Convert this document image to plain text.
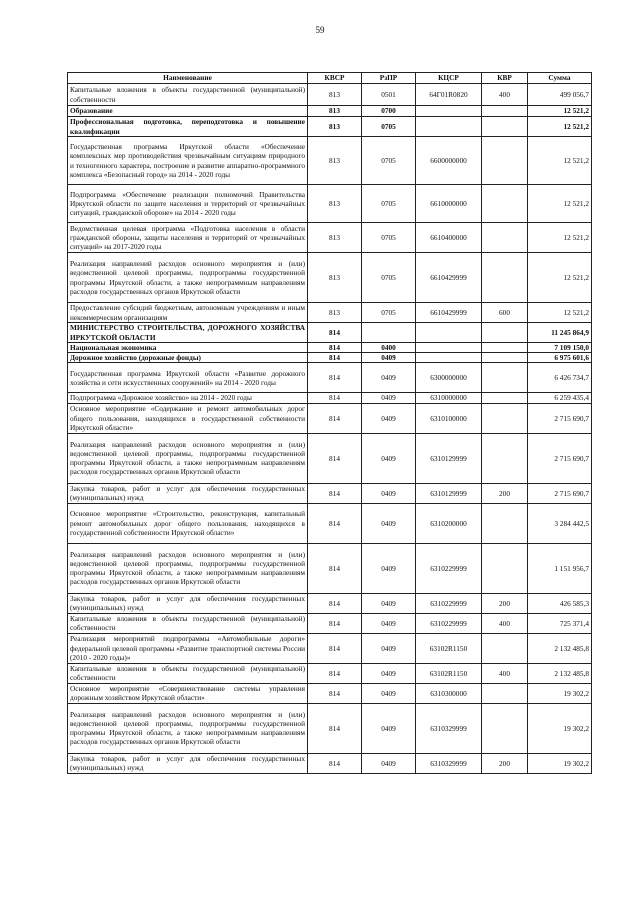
59
Наименование	КВСР	РзПР	КЦСР	КВР	Сумма
Капитальные вложения в объекты государственной (муниципальной) собственности	813	0501	64Г01R0820	400	499 056,7
Образование	813	0700			12 521,2
Профессиональная подготовка, переподготовка и повышение квалификации	813	0705			12 521,2
Государственная программа Иркутской области «Обеспечение комплексных мер противодействия чрезвычайным ситуациям природного и техногенного характера, построение и развитие аппаратно-программного комплекса «Безопасный город» на 2014 - 2020 годы	813	0705	6600000000		12 521,2
Подпрограмма «Обеспечение реализации полномочий Правительства Иркутской области по защите населения и территорий от чрезвычайных ситуаций, гражданской обороне» на 2014 - 2020 годы	813	0705	6610000000		12 521,2
Ведомственная целевая программа «Подготовка населения в области гражданской обороны, защиты населения и территорий от чрезвычайных ситуаций» на 2017-2020 годы	813	0705	6610400000		12 521,2
Реализация направлений расходов основного мероприятия и (или) ведомственной целевой программы, подпрограммы государственной программы Иркутской области, а также непрограммным направлениям расходов государственных органов Иркутской области	813	0705	6610429999		12 521,2
Предоставление субсидий бюджетным, автономным учреждениям и иным некоммерческим организациям	813	0705	6610429999	600	12 521,2
МИНИСТЕРСТВО СТРОИТЕЛЬСТВА, ДОРОЖНОГО ХОЗЯЙСТВА ИРКУТСКОЙ ОБЛАСТИ	814				11 245 864,9
Национальная экономика	814	0400			7 109 150,0
Дорожное хозяйство (дорожные фонды)	814	0409			6 975 601,6
Государственная программа Иркутской области «Развитие дорожного хозяйства и сети искусственных сооружений» на 2014 - 2020 годы	814	0409	6300000000		6 426 734,7
Подпрограмма «Дорожное хозяйство» на 2014 - 2020 годы	814	0409	6310000000		6 259 435,4
Основное мероприятие «Содержание и ремонт автомобильных дорог общего пользования, находящихся в государственной собственности Иркутской области»	814	0409	6310100000		2 715 690,7
Реализация направлений расходов основного мероприятия и (или) ведомственной целевой программы, подпрограммы государственной программы Иркутской области, а также непрограммным направлениям расходов государственных органов Иркутской области	814	0409	6310129999		2 715 690,7
Закупка товаров, работ и услуг для обеспечения государственных (муниципальных) нужд	814	0409	6310129999	200	2 715 690,7
Основное мероприятие «Строительство, реконструкция, капитальный ремонт автомобильных дорог общего пользования, находящихся в государственной собственности Иркутской области»	814	0409	6310200000		3 284 442,5
Реализация направлений расходов основного мероприятия и (или) ведомственной целевой программы, подпрограммы государственной программы Иркутской области, а также непрограммным направлениям расходов государственных органов Иркутской области	814	0409	6310229999		1 151 956,7
Закупка товаров, работ и услуг для обеспечения государственных (муниципальных) нужд	814	0409	6310229999	200	426 585,3
Капитальные вложения в объекты государственной (муниципальной) собственности	814	0409	6310229999	400	725 371,4
Реализация мероприятий подпрограммы «Автомобильные дороги» федеральной целевой программы «Развитие транспортной системы России (2010 - 2020 годы)»	814	0409	63102R1150		2 132 485,8
Капитальные вложения в объекты государственной (муниципальной) собственности	814	0409	63102R1150	400	2 132 485,8
Основное мероприятие «Совершенствование системы управления дорожным хозяйством Иркутской области»	814	0409	6310300000		19 302,2
Реализация направлений расходов основного мероприятия и (или) ведомственной целевой программы, подпрограммы государственной программы Иркутской области, а также непрограммным направлениям расходов государственных органов Иркутской области	814	0409	6310329999		19 302,2
Закупка товаров, работ и услуг для обеспечения государственных (муниципальных) нужд	814	0409	6310329999	200	19 302,2
